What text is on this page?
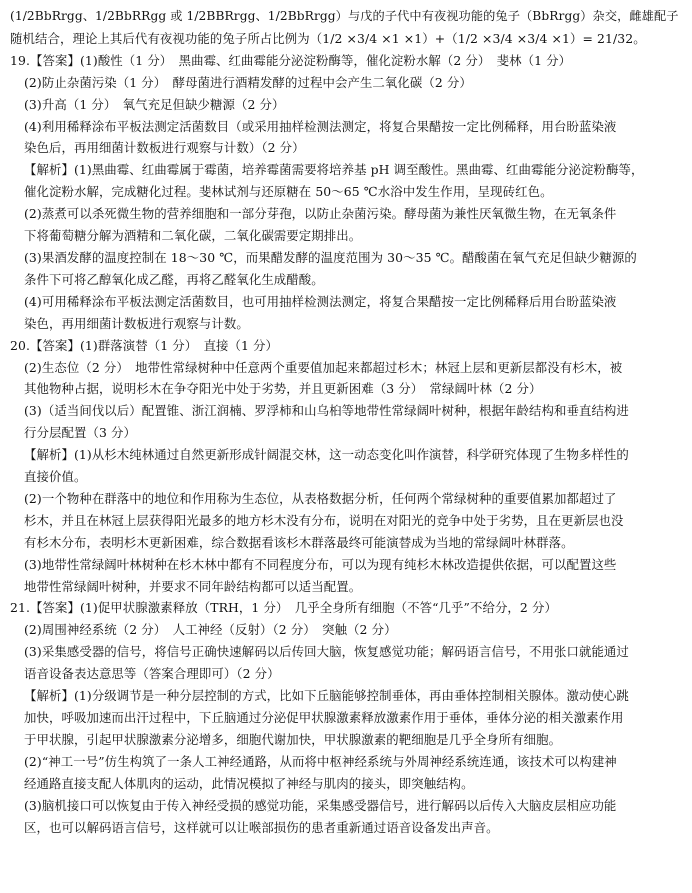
(1/2BbRrgg、1/2BbRRgg 或 1/2BBRrgg、1/2BbRrgg）与戊的子代中有夜视功能的兔子（BbRrgg）杂交，雌雄配子
随机结合，理论上其后代有夜视功能的兔子所占比例为（1/2 ×3/4 ×1 ×1）+（1/2 ×3/4 ×3/4 ×1）= 21/32。
19.【答案】(1)酸性（1 分）　黑曲霉、红曲霉能分泌淀粉酶等，催化淀粉水解（2 分）　斐林（1 分）
(2)防止杂菌污染（1 分）　酵母菌进行酒精发酵的过程中会产生二氧化碳（2 分）
(3)升高（1 分）　氧气充足但缺少糖源（2 分）
(4)利用稀释涂布平板法测定活菌数目（或采用抽样检测法测定，将复合果醋按一定比例稀释，用台盼蓝染液
染色后，再用细菌计数板进行观察与计数）（2 分）
【解析】(1)黑曲霉、红曲霉属于霉菌，培养霉菌需要将培养基 pH 调至酸性。黑曲霉、红曲霉能分泌淀粉酶等，
催化淀粉水解，完成糖化过程。斐林试剂与还原糖在 50～65 ℃水浴中发生作用，呈现砖红色。
(2)蒸煮可以杀死微生物的营养细胞和一部分芽孢，以防止杂菌污染。酵母菌为兼性厌氧微生物，在无氧条件
下将葡萄糖分解为酒精和二氧化碳，二氧化碳需要定期排出。
(3)果酒发酵的温度控制在 18～30 ℃，而果醋发酵的温度范围为 30～35 ℃。醋酸菌在氧气充足但缺少糖源的
条件下可将乙醇氧化成乙醛，再将乙醛氧化生成醋酸。
(4)可用稀释涂布平板法测定活菌数目，也可用抽样检测法测定，将复合果醋按一定比例稀释后用台盼蓝染液
染色，再用细菌计数板进行观察与计数。
20.【答案】(1)群落演替（1 分）　直接（1 分）
(2)生态位（2 分）　地带性常绿树种中任意两个重要值加起来都超过杉木；林冠上层和更新层都没有杉木，被
其他物种占据，说明杉木在争夺阳光中处于劣势，并且更新困难（3 分）　常绿阔叶林（2 分）
(3)（适当间伐以后）配置锥、浙江润楠、罗浮柿和山乌桕等地带性常绿阔叶树种，根据年龄结构和垂直结构进
行分层配置（3 分）
【解析】(1)从杉木纯林通过自然更新形成针阔混交林，这一动态变化叫作演替，科学研究体现了生物多样性的
直接价值。
(2)一个物种在群落中的地位和作用称为生态位，从表格数据分析，任何两个常绿树种的重要值累加都超过了
杉木，并且在林冠上层获得阳光最多的地方杉木没有分布，说明在对阳光的竞争中处于劣势，且在更新层也没
有杉木分布，表明杉木更新困难，综合数据看该杉木群落最终可能演替成为当地的常绿阔叶林群落。
(3)地带性常绿阔叶林树种在杉木林中都有不同程度分布，可以为现有纯杉木林改造提供依据，可以配置这些
地带性常绿阔叶树种，并要求不同年龄结构都可以适当配置。
21.【答案】(1)促甲状腺激素释放（TRH，1 分）　几乎全身所有细胞（不答“几乎”不给分，2 分）
(2)周围神经系统（2 分）　人工神经（反射）（2 分）　突触（2 分）
(3)采集感受器的信号，将信号正确快速解码以后传回大脑，恢复感觉功能；解码语言信号，不用张口就能通过
语音设备表达意思等（答案合理即可）（2 分）
【解析】(1)分级调节是一种分层控制的方式，比如下丘脑能够控制垂体，再由垂体控制相关腺体。激动使心跳
加快，呼吸加速而出汗过程中，下丘脑通过分泌促甲状腺激素释放激素作用于垂体，垂体分泌的相关激素作用
于甲状腺，引起甲状腺激素分泌增多，细胞代谢加快，甲状腺激素的靶细胞是几乎全身所有细胞。
(2)“神工一号”仿生构筑了一条人工神经通路，从而将中枢神经系统与外周神经系统连通，该技术可以构建神
经通路直接支配人体肌肉的运动，此情况模拟了神经与肌肉的接头，即突触结构。
(3)脑机接口可以恢复由于传入神经受损的感觉功能，采集感受器信号，进行解码以后传入大脑皮层相应功能
区，也可以解码语言信号，这样就可以让喉部损伤的患者重新通过语音设备发出声音。
